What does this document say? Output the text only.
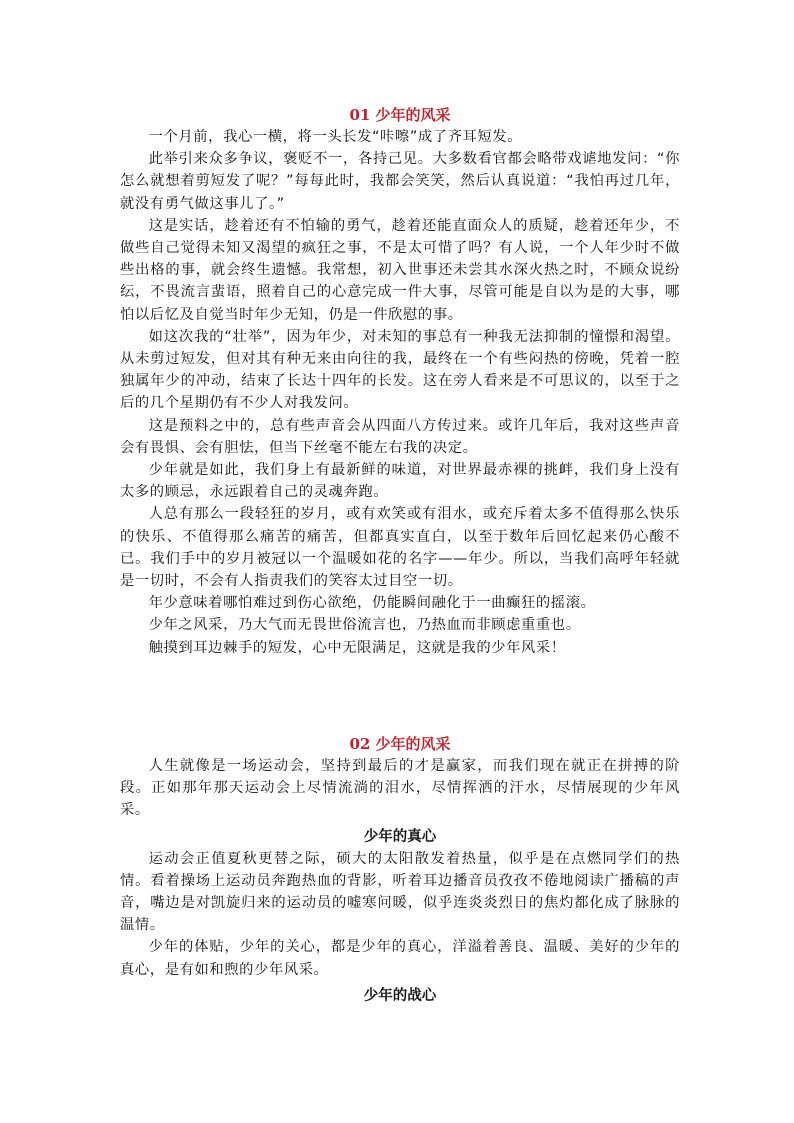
01 少年的风采

一个月前，我心一横，将一头长发“咔嚓”成了齐耳短发。

此举引来众多争议，褒贬不一，各持己见。大多数看官都会略带戏谑地发问：“你怎么就想着剪短发了呢？”每每此时，我都会笑笑，然后认真说道：“我怕再过几年，就没有勇气做这事儿了。”

这是实话，趁着还有不怕输的勇气，趁着还能直面众人的质疑，趁着还年少，不做些自己觉得未知又渴望的疯狂之事，不是太可惜了吗？有人说，一个人年少时不做些出格的事，就会终生遗憾。我常想，初入世事还未尝其水深火热之时，不顾众说纷纭，不畏流言蜚语，照着自己的心意完成一件大事，尽管可能是自以为是的大事，哪怕以后忆及自觉当时年少无知，仍是一件欣慰的事。

如这次我的“壮举”，因为年少，对未知的事总有一种我无法抑制的憧憬和渴望。从未剪过短发，但对其有种无来由向往的我，最终在一个有些闷热的傍晚，凭着一腔独属年少的冲动，结束了长达十四年的长发。这在旁人看来是不可思议的，以至于之后的几个星期仍有不少人对我发问。

这是预料之中的，总有些声音会从四面八方传过来。或许几年后，我对这些声音会有畏惧、会有胆怯，但当下丝毫不能左右我的决定。

少年就是如此，我们身上有最新鲜的味道，对世界最赤裸的挑衅，我们身上没有太多的顾忌，永远跟着自己的灵魂奔跑。

人总有那么一段轻狂的岁月，或有欢笑或有泪水，或充斥着太多不值得那么快乐的快乐、不值得那么痛苦的痛苦，但都真实直白，以至于数年后回忆起来仍心酸不已。我们手中的岁月被冠以一个温暖如花的名字——年少。所以，当我们高呼年轻就是一切时，不会有人指责我们的笑容太过目空一切。

年少意味着哪怕难过到伤心欲绝，仍能瞬间融化于一曲癫狂的摇滚。

少年之风采，乃大气而无畏世俗流言也，乃热血而非顾虑重重也。

触摸到耳边棘手的短发，心中无限满足，这就是我的少年风采！

02 少年的风采

人生就像是一场运动会，坚持到最后的才是赢家，而我们现在就正在拼搏的阶段。正如那年那天运动会上尽情流淌的泪水，尽情挥洒的汗水，尽情展现的少年风采。

少年的真心

运动会正值夏秋更替之际，硕大的太阳散发着热量，似乎是在点燃同学们的热情。看着操场上运动员奔跑热血的背影，听着耳边播音员孜孜不倦地阅读广播稿的声音，嘴边是对凯旋归来的运动员的嘘寒问暖，似乎连炎炎烈日的焦灼都化成了脉脉的温情。

少年的体贴，少年的关心，都是少年的真心，洋溢着善良、温暖、美好的少年的真心，是有如和煦的少年风采。

少年的战心
